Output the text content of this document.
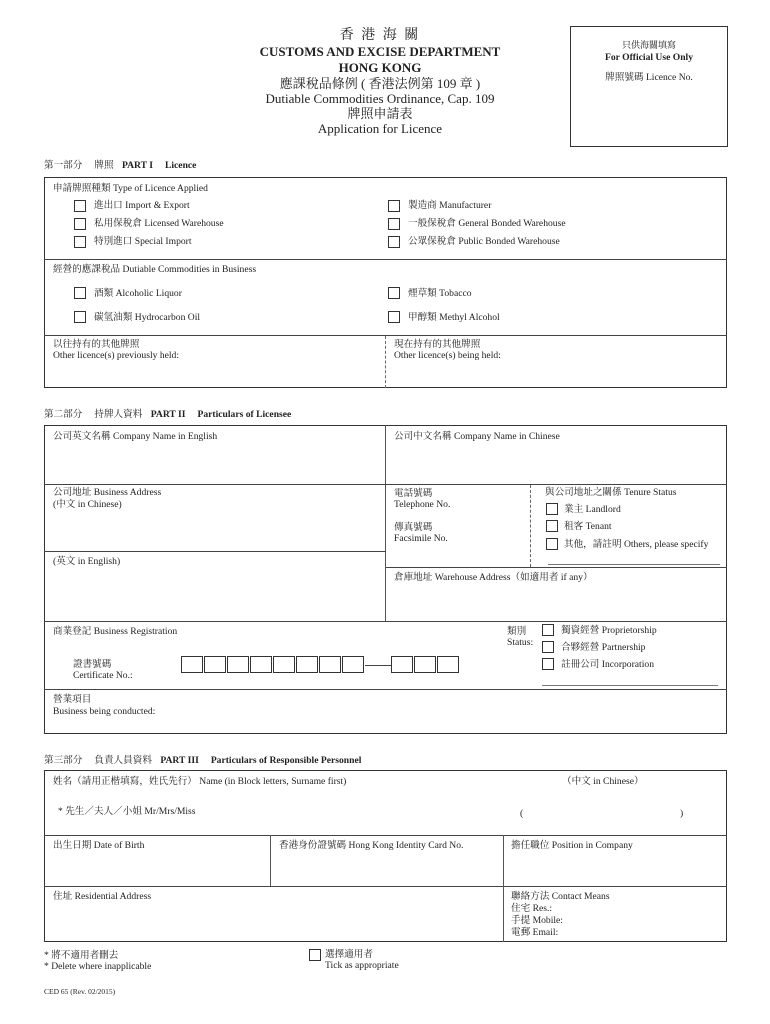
香 港 海 關
CUSTOMS AND EXCISE DEPARTMENT
HONG KONG
應課稅品條例 ( 香港法例第 109 章 )
Dutiable Commodities Ordinance, Cap. 109
牌照申請表
Application for Licence
只供海關填寫
For Official Use Only
牌照號碼 Licence No.
第一部分　 牌照 PART I　 Licence
申請牌照種類 Type of Licence Applied
進出口 Import & Export
私用保稅倉 Licensed Warehouse
特別進口 Special Import
製造商 Manufacturer
一般保稅倉 General Bonded Warehouse
公眾保稅倉 Public Bonded Warehouse
經營的應課稅品 Dutiable Commodities in Business
酒類 Alcoholic Liquor
碳氫油類 Hydrocarbon Oil
煙草類 Tobacco
甲醇類 Methyl Alcohol
以往持有的其他牌照
Other licence(s) previously held:
現在持有的其他牌照
Other licence(s) being held:
第二部分　 持牌人資料 PART II　 Particulars of Licensee
公司英文名稱 Company Name in English	公司中文名稱 Company Name in Chinese
公司地址 Business Address
(中文 in Chinese)
(英文 in English)
電話號碼
Telephone No.
傳真號碼
Facsimile No.
與公司地址之關係 Tenure Status
業主 Landlord
租客 Tenant
其他，請註明 Others, please specify
倉庫地址 Warehouse Address（如適用者 if any）
商業登記 Business Registration
證書號碼
Certificate No.:
類別
Status:
獨資經營 Proprietorship
合夥經營 Partnership
註冊公司 Incorporation
營業項目
Business being conducted:
第三部分　 負責人員資料 PART III　 Particulars of Responsible Personnel
姓名（請用正楷填寫，姓氏先行） Name (in Block letters, Surname first)	（中文 in Chinese）
* 先生／夫人／小姐 Mr/Mrs/Miss	(	)
出生日期 Date of Birth	香港身份證號碼 Hong Kong Identity Card No.	擔任職位 Position in Company
住址 Residential Address	聯絡方法 Contact Means
住宅 Res.:
手提 Mobile:
電郵 Email:
* 將不適用者刪去
* Delete where inapplicable
選擇適用者
Tick as appropriate
CED 65 (Rev. 02/2015)
